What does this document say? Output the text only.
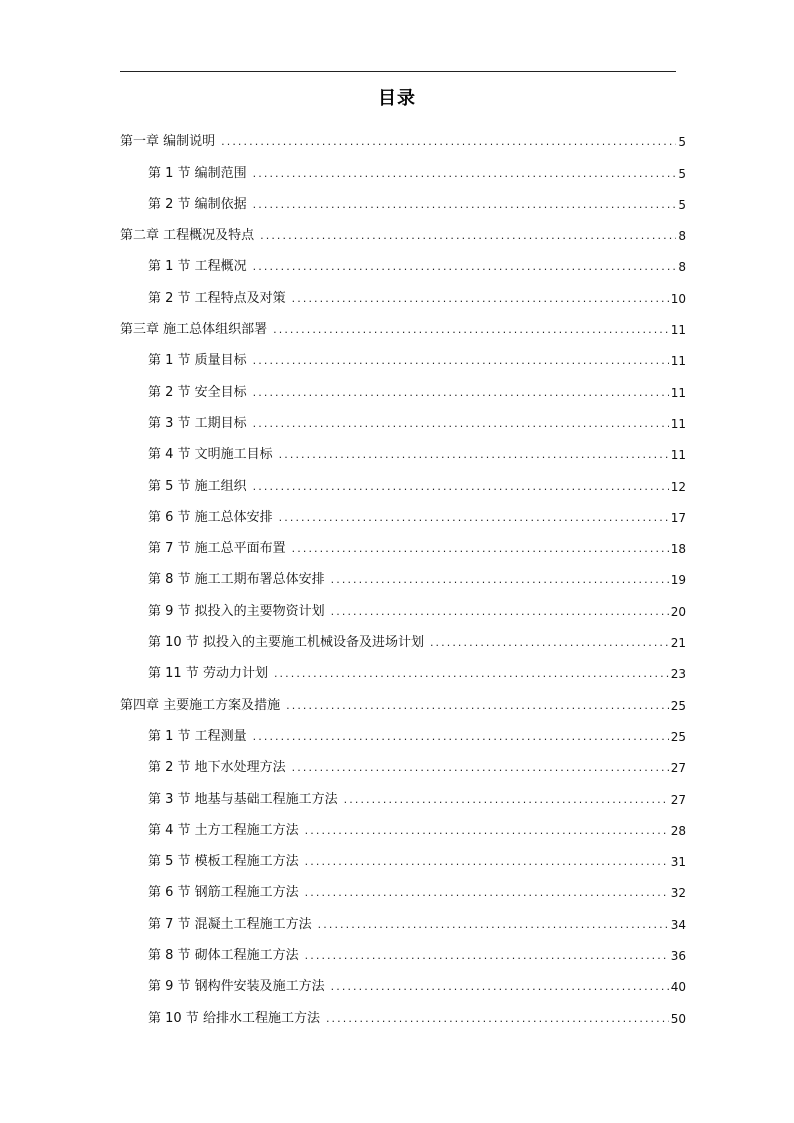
目录
第一章 编制说明 .....	5
第 1 节 编制范围 .....	5
第 2 节 编制依据 .....	5
第二章 工程概况及特点 .....	8
第 1 节 工程概况 .....	8
第 2 节 工程特点及对策 .....	10
第三章 施工总体组织部署 .....	11
第 1 节 质量目标 .....	11
第 2 节 安全目标 .....	11
第 3 节 工期目标 .....	11
第 4 节 文明施工目标 .....	11
第 5 节 施工组织 .....	12
第 6 节 施工总体安排 .....	17
第 7 节 施工总平面布置 .....	18
第 8 节 施工工期布署总体安排 .....	19
第 9 节 拟投入的主要物资计划 .....	20
第 10 节 拟投入的主要施工机械设备及进场计划 .....	21
第 11 节 劳动力计划 .....	23
第四章 主要施工方案及措施 .....	25
第 1 节 工程测量 .....	25
第 2 节 地下水处理方法 .....	27
第 3 节 地基与基础工程施工方法 .....	27
第 4 节 土方工程施工方法 .....	28
第 5 节 模板工程施工方法 .....	31
第 6 节 钢筋工程施工方法 .....	32
第 7 节 混凝土工程施工方法 .....	34
第 8 节 砌体工程施工方法 .....	36
第 9 节 钢构件安装及施工方法 .....	40
第 10 节 给排水工程施工方法 .....	50
